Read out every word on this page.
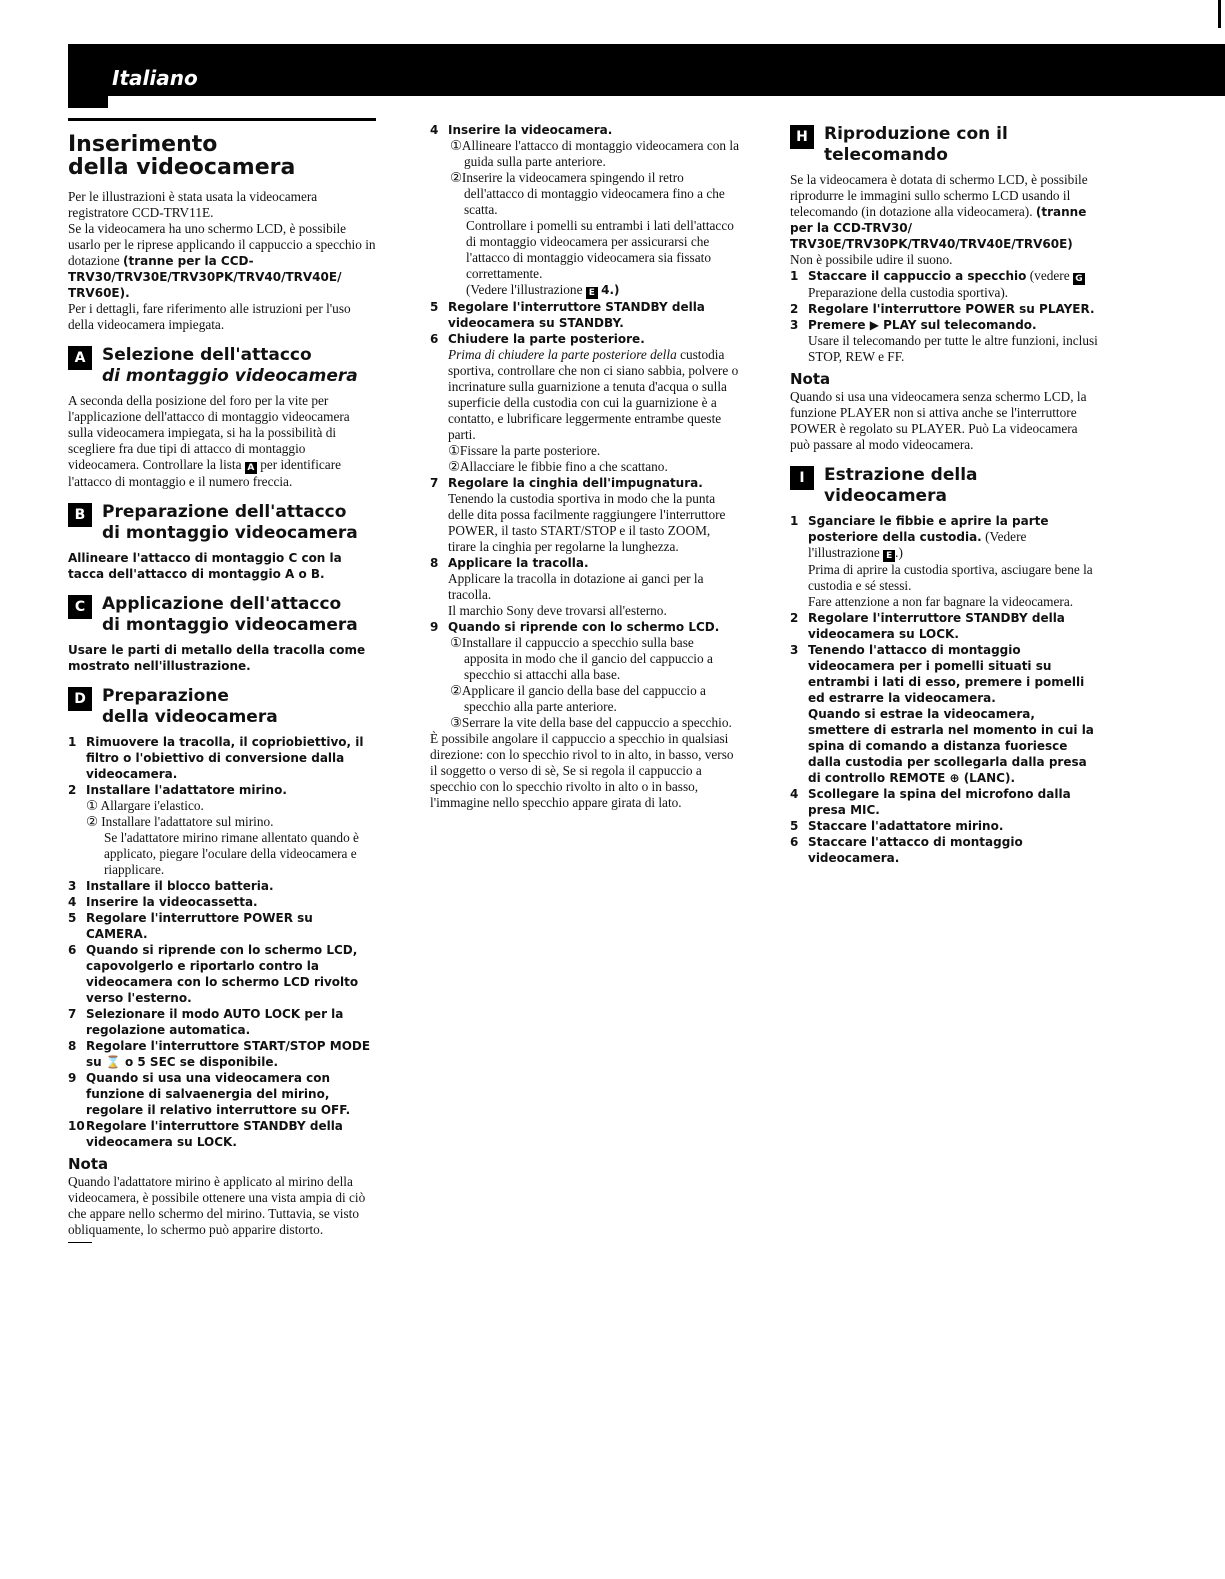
Italiano
Inserimento
della videocamera

Per le illustrazioni è stata usata la videocamera registratore CCD-TRV11E.

Se la videocamera ha uno schermo LCD, è possibile usarlo per le riprese applicando il cappuccio a specchio in dotazione (tranne per la CCD-TRV30/TRV30E/TRV30PK/TRV40/TRV40E/ TRV60E).

Per i dettagli, fare riferimento alle istruzioni per l'uso della videocamera impiegata.

A Selezione dell'attacco
di montaggio videocamera

A seconda della posizione del foro per la vite per l'applicazione dell'attacco di montaggio videocamera sulla videocamera impiegata, si ha la possibilità di scegliere fra due tipi di attacco di montaggio videocamera. Controllare la lista A per identificare l'attacco di montaggio e il numero freccia.

B Preparazione dell'attacco
di montaggio videocamera

Allineare l'attacco di montaggio C con la tacca dell'attacco di montaggio A o B.

C Applicazione dell'attacco
di montaggio videocamera

Usare le parti di metallo della tracolla come mostrato nell'illustrazione.

D Preparazione
della videocamera
1 Rimuovere la tracolla, il copriobiettivo, il filtro o l'obiettivo di conversione dalla videocamera.
2 Installare l'adattatore mirino.

① Allargare i'elastico.

② Installare l'adattatore sul mirino.

Se l'adattatore mirino rimane allentato quando è applicato, piegare l'oculare della videocamera e riapplicare.

3 Installare il blocco batteria.
4 Inserire la videocassetta.
5 Regolare l'interruttore POWER su CAMERA.
6 Quando si riprende con lo schermo LCD, capovolgerlo e riportarlo contro la videocamera con lo schermo LCD rivolto verso l'esterno.
7 Selezionare il modo AUTO LOCK per la regolazione automatica.
8 Regolare l'interruttore START/STOP MODE su ⌛ o 5 SEC se disponibile.
9 Quando si usa una videocamera con funzione di salvaenergia del mirino, regolare il relativo interruttore su OFF.
10 Regolare l'interruttore STANDBY della videocamera su LOCK.
Nota

Quando l'adattatore mirino è applicato al mirino della videocamera, è possibile ottenere una vista ampia di ciò che appare nello schermo del mirino. Tuttavia, se visto obliquamente, lo schermo può apparire distorto.

4 Inserire la videocamera.

①Allineare l'attacco di montaggio videocamera con la guida sulla parte anteriore.

②Inserire la videocamera spingendo il retro dell'attacco di montaggio videocamera fino a che scatta.

Controllare i pomelli su entrambi i lati dell'attacco di montaggio videocamera per assicurarsi che l'attacco di montaggio videocamera sia fissato correttamente.

(Vedere l'illustrazione E 4.)

5 Regolare l'interruttore STANDBY della videocamera su STANDBY.
6 Chiudere la parte posteriore.

Prima di chiudere la parte posteriore della custodia sportiva, controllare che non ci siano sabbia, polvere o incrinature sulla guarnizione a tenuta d'acqua o sulla superficie della custodia con cui la guarnizione è a contatto, e lubrificare leggermente entrambe queste parti.

①Fissare la parte posteriore.

②Allacciare le fibbie fino a che scattano.

7 Regolare la cinghia dell'impugnatura.

Tenendo la custodia sportiva in modo che la punta delle dita possa facilmente raggiungere l'interruttore POWER, il tasto START/STOP e il tasto ZOOM, tirare la cinghia per regolarne la lunghezza.

8 Applicare la tracolla.

Applicare la tracolla in dotazione ai ganci per la tracolla.

Il marchio Sony deve trovarsi all'esterno.

9 Quando si riprende con lo schermo LCD.

①Installare il cappuccio a specchio sulla base apposita in modo che il gancio del cappuccio a specchio si attacchi alla base.

②Applicare il gancio della base del cappuccio a specchio alla parte anteriore.

③Serrare la vite della base del cappuccio a specchio.

È possibile angolare il cappuccio a specchio in qualsiasi direzione: con lo specchio rivol to in alto, in basso, verso il soggetto o verso di sè, Se si regola il cappuccio a specchio con lo specchio rivolto in alto o in basso, l'immagine nello specchio appare girata di lato.

H Riproduzione con il
telecomando

Se la videocamera è dotata di schermo LCD, è possibile riprodurre le immagini sullo schermo LCD usando il telecomando (in dotazione alla videocamera). (tranne per la CCD-TRV30/ TRV30E/TRV30PK/TRV40/TRV40E/TRV60E)

Non è possibile udire il suono.

1 Staccare il cappuccio a specchio (vedere G

Preparazione della custodia sportiva).

2 Regolare l'interruttore POWER su PLAYER.
3 Premere ▶ PLAY sul telecomando.

Usare il telecomando per tutte le altre funzioni, inclusi STOP, REW e FF.

Nota

Quando si usa una videocamera senza schermo LCD, la funzione PLAYER non si attiva anche se l'interruttore POWER è regolato su PLAYER. Può La videocamera può passare al modo videocamera.

I	Estrazione della
videocamera
1 Sganciare le fibbie e aprire la parte posteriore della custodia. (Vedere l'illustrazione E .)

Prima di aprire la custodia sportiva, asciugare bene la custodia e sé stessi.

Fare attenzione a non far bagnare la videocamera.

2 Regolare l'interruttore STANDBY della videocamera su LOCK.
3 Tenendo l'attacco di montaggio videocamera per i pomelli situati su entrambi i lati di esso, premere i pomelli ed estrarre la videocamera.

Quando si estrae la videocamera, smettere di estrarla nel momento in cui la spina di comando a distanza fuoriesce dalla custodia per scollegarla dalla presa di controllo REMOTE ⊕ (LANC).

4 Scollegare la spina del microfono dalla presa MIC.
5 Staccare l'adattatore mirino.
6 Staccare l'attacco di montaggio videocamera.
